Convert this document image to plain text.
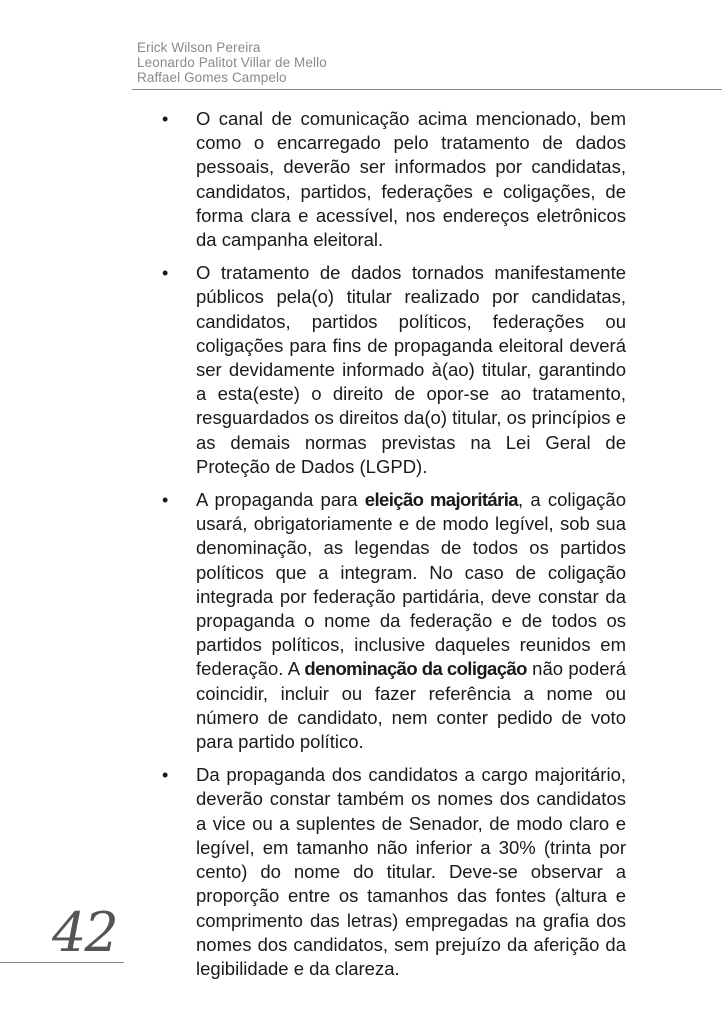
Erick Wilson Pereira
Leonardo Palitot Villar de Mello
Raffael Gomes Campelo
• O canal de comunicação acima mencionado, bem como o encarregado pelo tratamento de dados pessoais, deverão ser informados por candidatas, candidatos, partidos, federações e coligações, de forma clara e acessível, nos endereços eletrônicos da campanha eleitoral.
• O tratamento de dados tornados manifestamente públicos pela(o) titular realizado por candidatas, candidatos, partidos políticos, federações ou coligações para fins de propaganda eleitoral deverá ser devidamente informado à(ao) titular, garantindo a esta(este) o direito de opor-se ao tratamento, resguardados os direitos da(o) titular, os princípios e as demais normas previstas na Lei Geral de Proteção de Dados (LGPD).
• A propaganda para eleição majoritária, a coligação usará, obrigatoriamente e de modo legível, sob sua denominação, as legendas de todos os partidos políticos que a integram. No caso de coligação integrada por federação partidária, deve constar da propaganda o nome da federação e de todos os partidos políticos, inclusive daqueles reunidos em federação. A denominação da coligação não poderá coincidir, incluir ou fazer referência a nome ou número de candidato, nem conter pedido de voto para partido político.
• Da propaganda dos candidatos a cargo majoritário, deverão constar também os nomes dos candidatos a vice ou a suplentes de Senador, de modo claro e legível, em tamanho não inferior a 30% (trinta por cento) do nome do titular. Deve-se observar a proporção entre os tamanhos das fontes (altura e comprimento das letras) empregadas na grafia dos nomes dos candidatos, sem prejuízo da aferição da legibilidade e da clareza.
42
